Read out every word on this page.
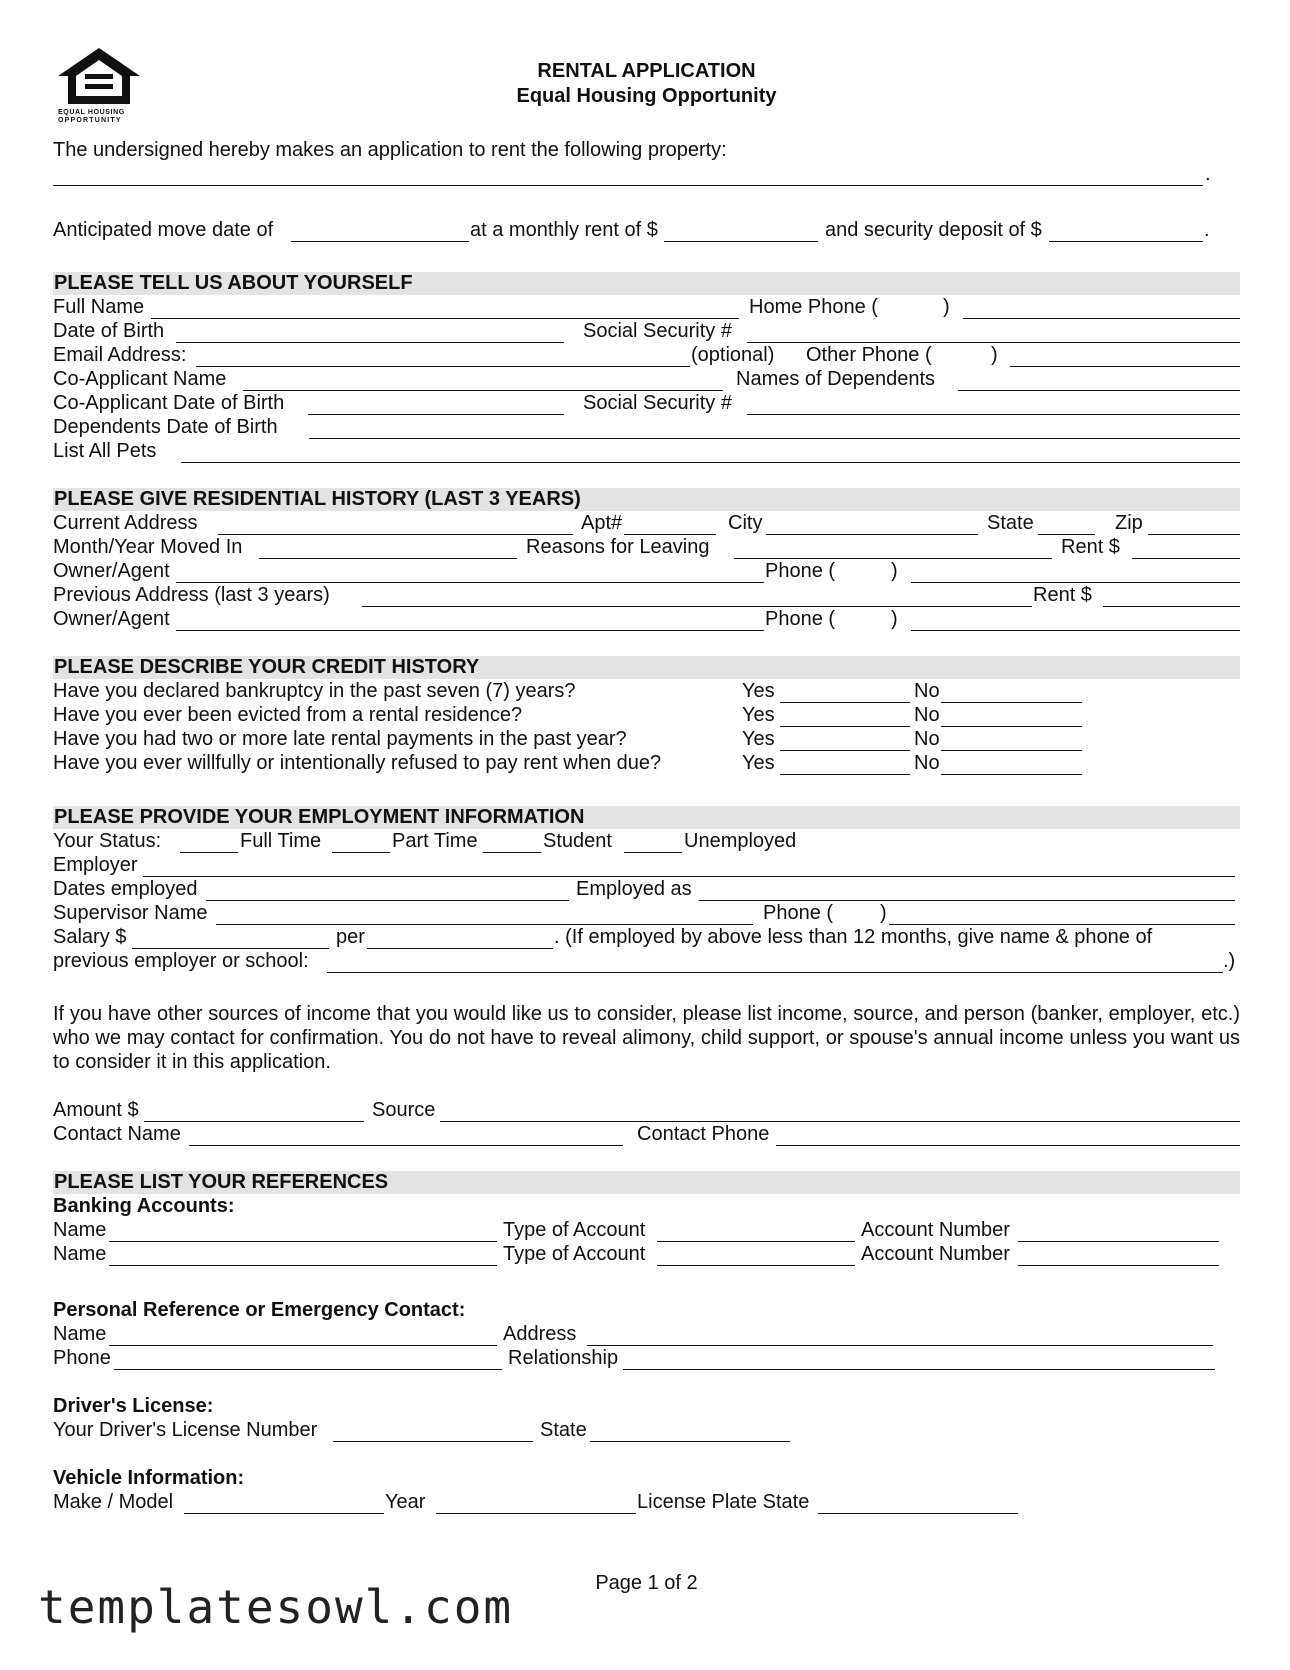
EQUAL HOUSING
OPPORTUNITY
RENTAL APPLICATION
Equal Housing Opportunity
The undersigned hereby makes an application to rent the following property:
.
Anticipated move date of	at a monthly rent of $	and security deposit of $	.
PLEASE TELL US ABOUT YOURSELF
Full Name	Home Phone (	)
Date of Birth	Social Security #
Email Address:	(optional) Other Phone (	)
Co-Applicant Name	Names of Dependents
Co-Applicant Date of Birth	Social Security #
Dependents Date of Birth
List All Pets
PLEASE GIVE RESIDENTIAL HISTORY (LAST 3 YEARS)
Current Address	Apt#	City	State	Zip
Month/Year Moved In	Reasons for Leaving	Rent $
Owner/Agent	Phone (	)
Previous Address (last 3 years)	Rent $
Owner/Agent	Phone (	)
PLEASE DESCRIBE YOUR CREDIT HISTORY
Have you declared bankruptcy in the past seven (7) years?	Yes	No
Have you ever been evicted from a rental residence?	Yes	No
Have you had two or more late rental payments in the past year?	Yes	No
Have you ever willfully or intentionally refused to pay rent when due?	Yes	No
PLEASE PROVIDE YOUR EMPLOYMENT INFORMATION
Your Status:	Full Time	Part Time	Student	Unemployed
Employer
Dates employed	Employed as
Supervisor Name	Phone ( )
Salary $	per	. (If employed by above less than 12 months, give name & phone of
previous employer or school:	.)
If you have other sources of income that you would like us to consider, please list income, source, and person (banker, employer, etc.) who we may contact for confirmation. You do not have to reveal alimony, child support, or spouse's annual income unless you want us to consider it in this application.
Amount $	Source
Contact Name	Contact Phone
PLEASE LIST YOUR REFERENCES
Banking Accounts:
Name	Type of Account	Account Number
Name	Type of Account	Account Number
Personal Reference or Emergency Contact:
Name	Address
Phone	Relationship
Driver's License:
Your Driver's License Number	State
Vehicle Information:
Make / Model	Year	License Plate State
Page 1 of 2
templatesowl.com
